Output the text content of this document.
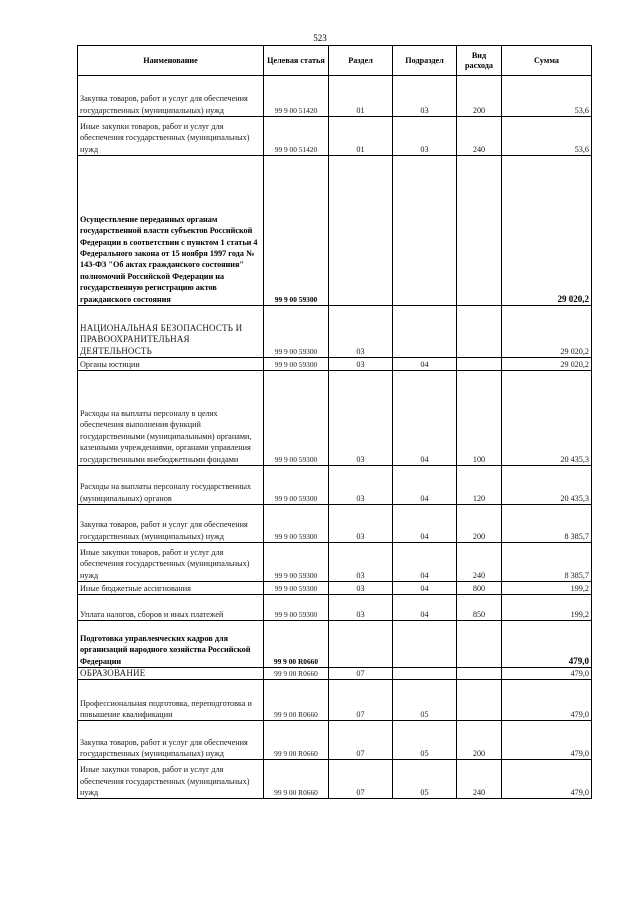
523
Наименование	Целевая статья	Раздел	Подраздел	Вид расхода	Сумма
Закупка товаров, работ и услуг для обеспечения государственных (муниципальных) нужд	99 9 00 51420	01	03	200	53,6
Иные закупки товаров, работ и услуг для обеспечения государственных (муниципальных) нужд	99 9 00 51420	01	03	240	53,6
Осуществление переданных органам государственной власти субъектов Российской Федерации в соответствии с пунктом 1 статьи 4 Федерального закона от 15 ноября 1997 года № 143-ФЗ "Об актах гражданского состояния" полномочий Российской Федерации на государственную регистрацию актов гражданского состояния	99 9 00 59300				29 020,2
НАЦИОНАЛЬНАЯ БЕЗОПАСНОСТЬ И ПРАВООХРАНИТЕЛЬНАЯ ДЕЯТЕЛЬНОСТЬ	99 9 00 59300	03			29 020,2
Органы юстиции	99 9 00 59300	03	04		29 020,2
Расходы на выплаты персоналу в целях обеспечения выполнения функций государственными (муниципальными) органами, казенными учреждениями, органами управления государственными внебюджетными фондами	99 9 00 59300	03	04	100	20 435,3
Расходы на выплаты персоналу государственных (муниципальных) органов	99 9 00 59300	03	04	120	20 435,3
Закупка товаров, работ и услуг для обеспечения государственных (муниципальных) нужд	99 9 00 59300	03	04	200	8 385,7
Иные закупки товаров, работ и услуг для обеспечения государственных (муниципальных) нужд	99 9 00 59300	03	04	240	8 385,7
Иные бюджетные ассигнования	99 9 00 59300	03	04	800	199,2
Уплата налогов, сборов и иных платежей	99 9 00 59300	03	04	850	199,2
Подготовка управленческих кадров для организаций народного хозяйства Российской Федерации	99 9 00 R0660				479,0
ОБРАЗОВАНИЕ	99 9 00 R0660	07			479,0
Профессиональная подготовка, переподготовка и повышение квалификации	99 9 00 R0660	07	05		479,0
Закупка товаров, работ и услуг для обеспечения государственных (муниципальных) нужд	99 9 00 R0660	07	05	200	479,0
Иные закупки товаров, работ и услуг для обеспечения государственных (муниципальных) нужд	99 9 00 R0660	07	05	240	479,0
